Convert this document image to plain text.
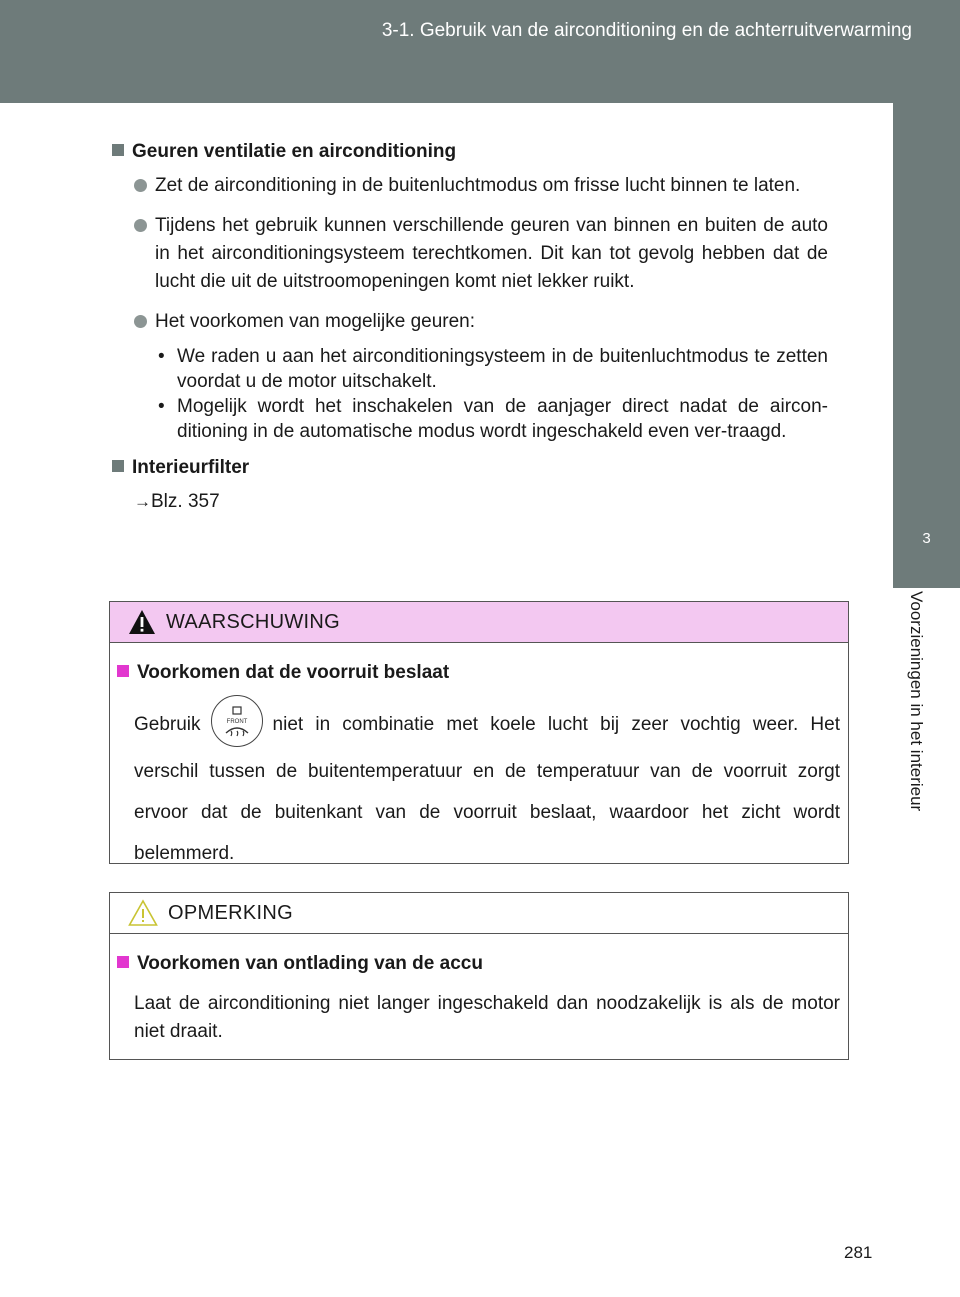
3-1. Gebruik van de airconditioning en de achterruitverwarming
3
Voorzieningen in het interieur
Geuren ventilatie en airconditioning
Zet de airconditioning in de buitenluchtmodus om frisse lucht binnen te laten.
Tijdens het gebruik kunnen verschillende geuren van binnen en buiten de auto in het airconditioningsysteem terechtkomen. Dit kan tot gevolg hebben dat de lucht die uit de uitstroomopeningen komt niet lekker ruikt.
Het voorkomen van mogelijke geuren:
• We raden u aan het airconditioningsysteem in de buitenluchtmodus te zetten voordat u de motor uitschakelt.
• Mogelijk wordt het inschakelen van de aanjager direct nadat de aircon-ditioning in de automatische modus wordt ingeschakeld even ver-traagd.
Interieurfilter
→Blz. 357
WAARSCHUWING
Voorkomen dat de voorruit beslaat
Gebruik	FRONT niet in combinatie met koele lucht bij zeer vochtig weer. Het verschil tussen de buitentemperatuur en de temperatuur van de voorruit zorgt ervoor dat de buitenkant van de voorruit beslaat, waardoor het zicht wordt belemmerd.
OPMERKING
Voorkomen van ontlading van de accu
Laat de airconditioning niet langer ingeschakeld dan noodzakelijk is als de motor niet draait.
281
